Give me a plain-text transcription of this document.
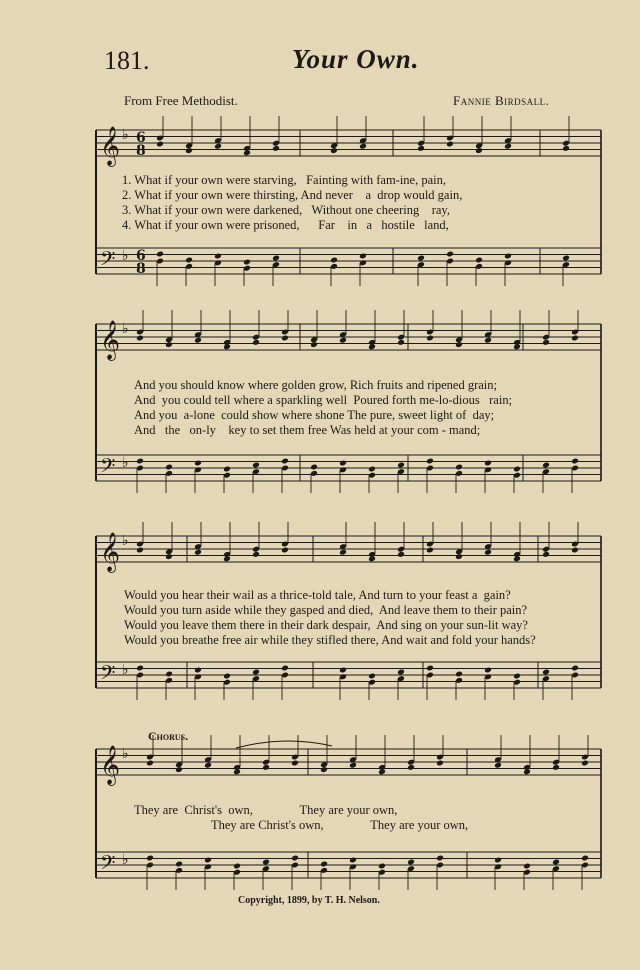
181.	Your Own.
From Free Methodist.	Fannie Birdsall.
𝄞
𝄢
♭
♭
6
8
6
8
𝄞
𝄢
♭
♭
𝄞
𝄢
♭
♭
𝄞
𝄢
♭
♭
1. What if your own were starving,   Fainting with fam-ine, pain,
2. What if your own were thirsting, And never    a  drop would gain,
3. What if your own were darkened,   Without one cheering    ray,
4. What if your own were prisoned,      Far    in   a   hostile   land,
And you should know where golden grow, Rich fruits and ripened grain;
And  you could tell where a sparkling well  Poured forth me-lo-dious   rain;
And you  a-lone  could show where shone The pure, sweet light of  day;
And   the   on-ly    key to set them free Was held at your com - mand;
Would you hear their wail as a thrice-told tale, And turn to your feast a  gain?
Would you turn aside while they gasped and died,  And leave them to their pain?
Would you leave them there in their dark despair,  And sing on your sun-lit way?
Would you breathe free air while they stifled there, And wait and fold your hands?
Chorus.
They are  Christ's  own,               They are your own,
They are Christ's own,               They are your own,
Copyright, 1899, by T. H. Nelson.
